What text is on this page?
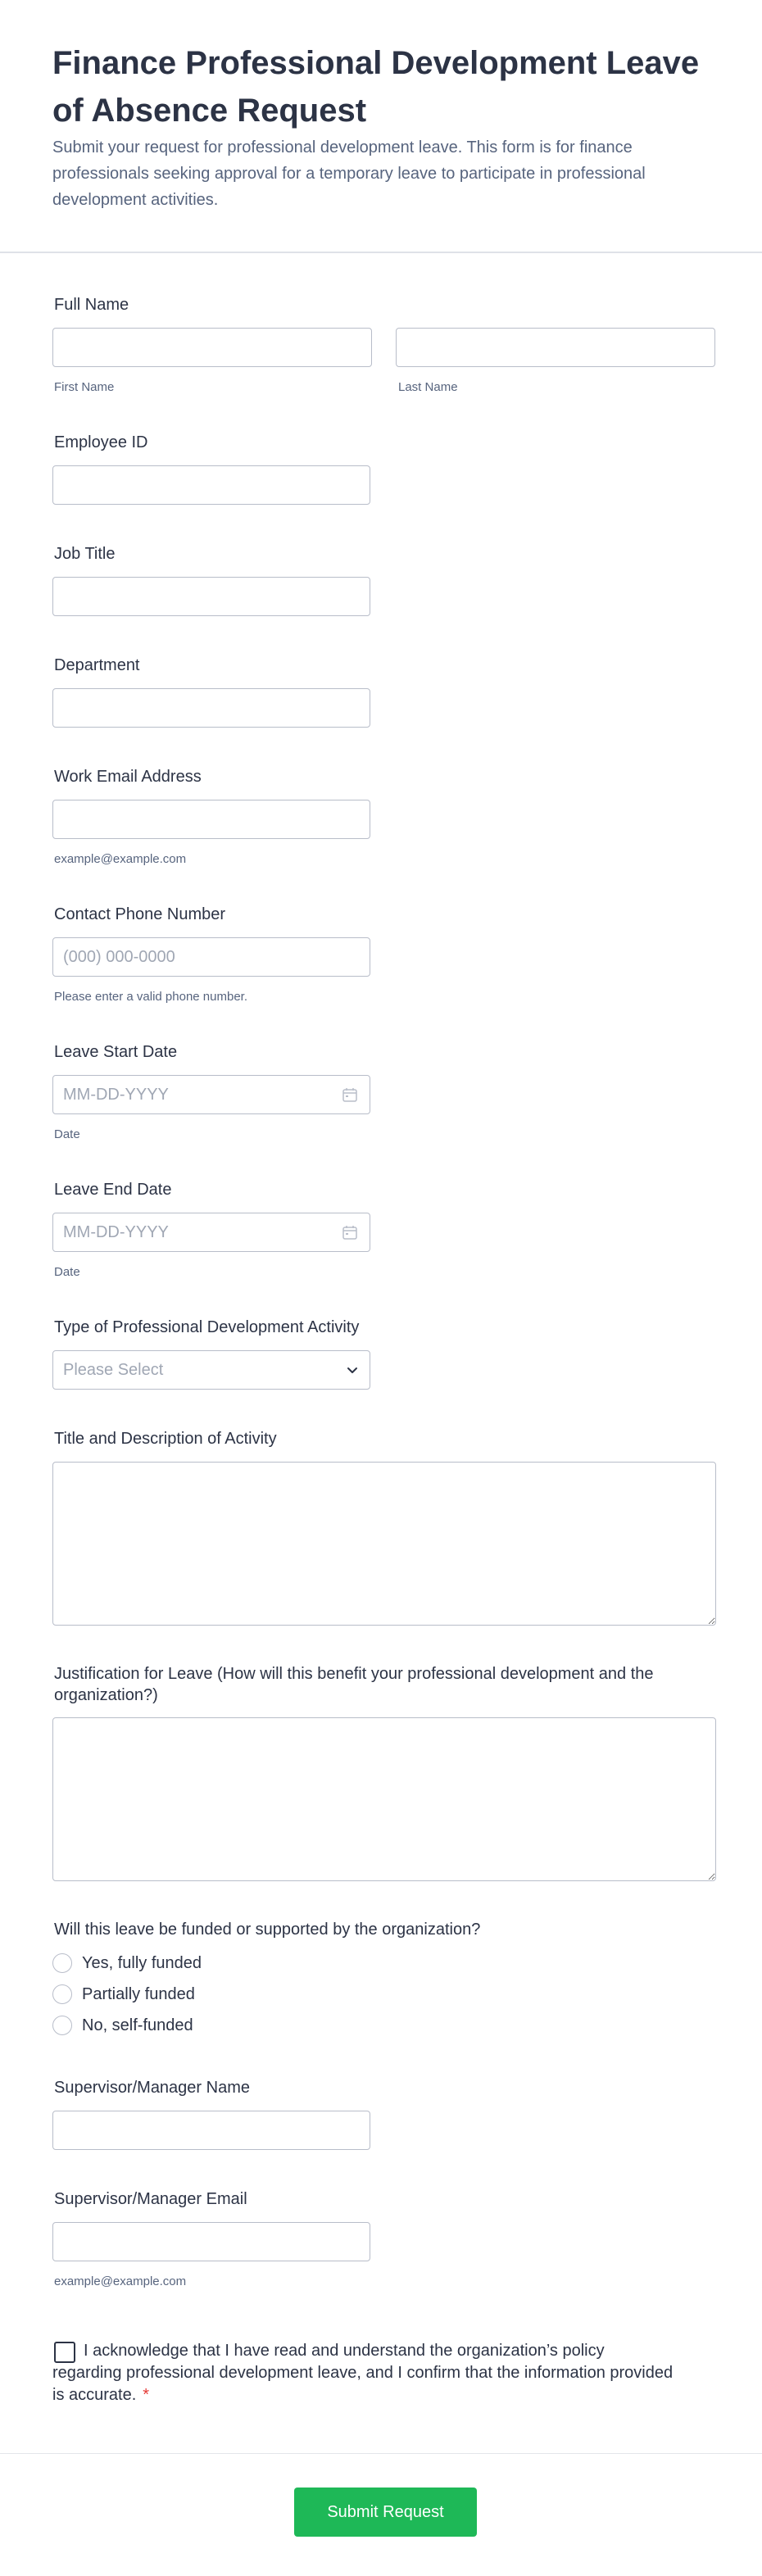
Finance Professional Development Leave of Absence Request

Submit your request for professional development leave. This form is for finance professionals seeking approval for a temporary leave to participate in professional development activities.

Full Name
First Name	Last Name
Employee ID
Job Title
Department
Work Email Address
example@example.com
Contact Phone Number
(000) 000-0000
Please enter a valid phone number.
Leave Start Date
MM-DD-YYYY
Date
Leave End Date
MM-DD-YYYY
Date
Type of Professional Development Activity
Please Select
Title and Description of Activity
Justification for Leave (How will this benefit your professional development and the organization?)
Will this leave be funded or supported by the organization?
Yes, fully funded
Partially funded
No, self-funded
Supervisor/Manager Name
Supervisor/Manager Email
example@example.com
I acknowledge that I have read and understand the organization’s policy regarding professional development leave, and I confirm that the information provided is accurate. *
Submit Request
